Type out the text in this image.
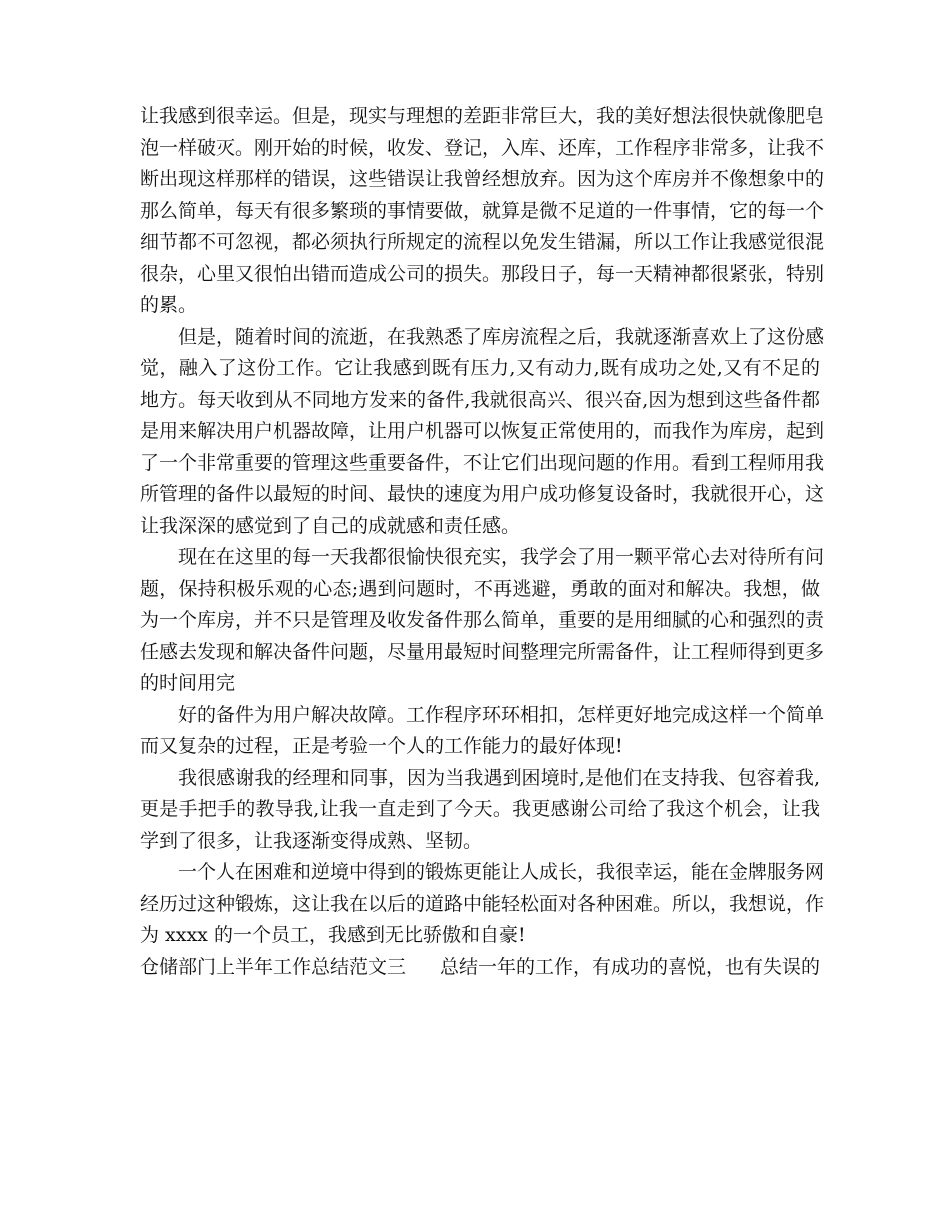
让我感到很幸运。但是，现实与理想的差距非常巨大，我的美好想法很快就像肥皂
泡一样破灭。刚开始的时候，收发、登记，入库、还库，工作程序非常多，让我不
断出现这样那样的错误，这些错误让我曾经想放弃。因为这个库房并不像想象中的
那么简单，每天有很多繁琐的事情要做，就算是微不足道的一件事情，它的每一个
细节都不可忽视，都必须执行所规定的流程以免发生错漏，所以工作让我感觉很混
很杂，心里又很怕出错而造成公司的损失。那段日子，每一天精神都很紧张，特别
的累。
但是，随着时间的流逝，在我熟悉了库房流程之后，我就逐渐喜欢上了这份感
觉，融入了这份工作。它让我感到既有压力,又有动力,既有成功之处,又有不足的
地方。每天收到从不同地方发来的备件,我就很高兴、很兴奋,因为想到这些备件都
是用来解决用户机器故障，让用户机器可以恢复正常使用的，而我作为库房，起到
了一个非常重要的管理这些重要备件，不让它们出现问题的作用。看到工程师用我
所管理的备件以最短的时间、最快的速度为用户成功修复设备时，我就很开心，这
让我深深的感觉到了自己的成就感和责任感。
现在在这里的每一天我都很愉快很充实，我学会了用一颗平常心去对待所有问
题，保持积极乐观的心态;遇到问题时，不再逃避，勇敢的面对和解决。我想，做
为一个库房，并不只是管理及收发备件那么简单，重要的是用细腻的心和强烈的责
任感去发现和解决备件问题，尽量用最短时间整理完所需备件，让工程师得到更多
的时间用完
好的备件为用户解决故障。工作程序环环相扣，怎样更好地完成这样一个简单
而又复杂的过程，正是考验一个人的工作能力的最好体现!
我很感谢我的经理和同事，因为当我遇到困境时,是他们在支持我、包容着我,
更是手把手的教导我,让我一直走到了今天。我更感谢公司给了我这个机会，让我
学到了很多，让我逐渐变得成熟、坚韧。
一个人在困难和逆境中得到的锻炼更能让人成长，我很幸运，能在金牌服务网
经历过这种锻炼，这让我在以后的道路中能轻松面对各种困难。所以，我想说，作
为 xxxx 的一个员工，我感到无比骄傲和自豪!
仓储部门上半年工作总结范文三 总结一年的工作，有成功的喜悦，也有失误的
